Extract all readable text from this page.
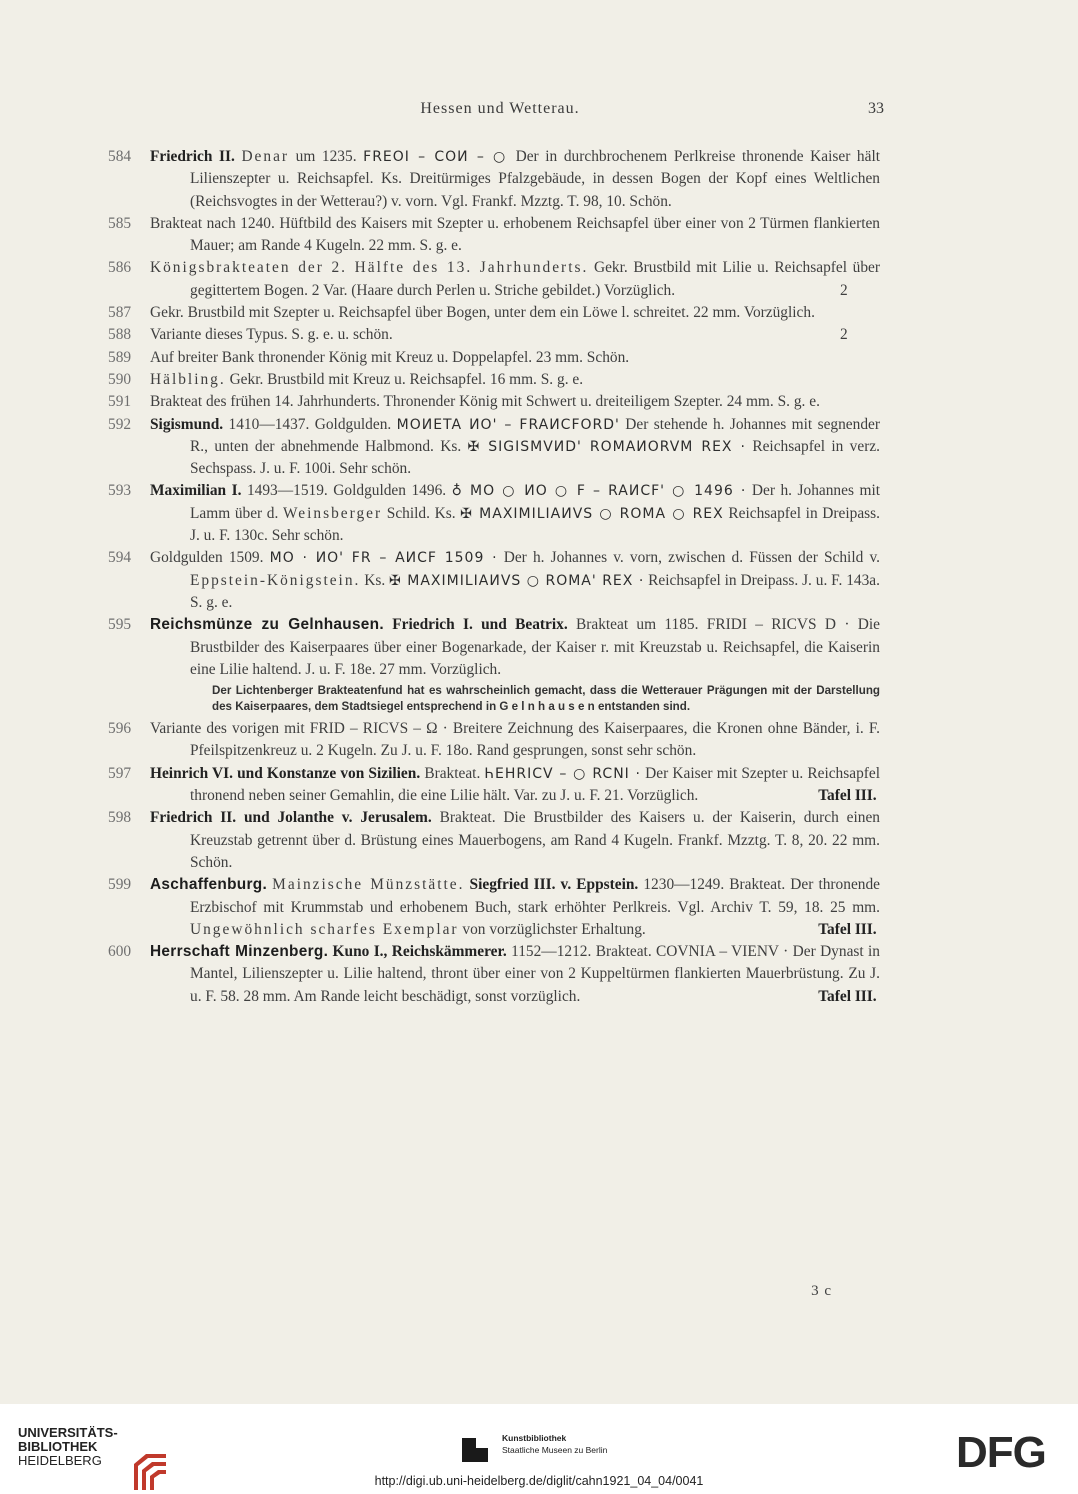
Hessen und Wetterau.	33
584	Friedrich II. Denar um 1235. FREOI – COИ – ○ Der in durchbrochenem Perlkreise thronende Kaiser hält Lilienszepter u. Reichsapfel. Ks. Dreitürmiges Pfalzgebäude, in dessen Bogen der Kopf eines Weltlichen (Reichsvogtes in der Wetterau?) v. vorn. Vgl. Frankf. Mzztg. T. 98, 10. Schön.

585	Brakteat nach 1240. Hüftbild des Kaisers mit Szepter u. erhobenem Reichsapfel über einer von 2 Türmen flankierten Mauer; am Rande 4 Kugeln. 22 mm. S. g. e.

586	Königsbrakteaten der 2. Hälfte des 13. Jahrhunderts. Gekr. Brustbild mit Lilie u. Reichsapfel über gegittertem Bogen. 2 Var. (Haare durch Perlen u. Striche gebildet.) Vorzüglich.	2

587	Gekr. Brustbild mit Szepter u. Reichsapfel über Bogen, unter dem ein Löwe l. schreitet. 22 mm. Vorzüglich.

588	Variante dieses Typus. S. g. e. u. schön.	2

589	Auf breiter Bank thronender König mit Kreuz u. Doppelapfel. 23 mm. Schön.

590	Hälbling. Gekr. Brustbild mit Kreuz u. Reichsapfel. 16 mm. S. g. e.

591	Brakteat des frühen 14. Jahrhunderts. Thronender König mit Schwert u. dreiteiligem Szepter. 24 mm. S. g. e.

592	Sigismund. 1410—1437. Goldgulden. MOИETA ИO' – FRAИCFORD' Der stehende h. Johannes mit segnender R., unten der abnehmende Halbmond. Ks. ✠ SIGISMVИD' ROMAИORVM REX · Reichsapfel in verz. Sechspass. J. u. F. 100i. Sehr schön.

593	Maximilian I. 1493—1519. Goldgulden 1496. ♁ MO ○ ИO ○ F – RAИCF' ○ 1496 · Der h. Johannes mit Lamm über d. Weinsberger Schild. Ks. ✠ MAXIMILIAИVS ○ ROMA ○ REX Reichsapfel in Dreipass. J. u. F. 130c. Sehr schön.

594	Goldgulden 1509. MO · ИO' FR – AИCF 1509 · Der h. Johannes v. vorn, zwischen d. Füssen der Schild v. Eppstein-Königstein. Ks. ✠ MAXIMILIAИVS ○ ROMA' REX · Reichsapfel in Dreipass. J. u. F. 143a. S. g. e.

595	Reichsmünze zu Gelnhausen. Friedrich I. und Beatrix. Brakteat um 1185. FRIDI – RICVS D · Die Brustbilder des Kaiserpaares über einer Bogenarkade, der Kaiser r. mit Kreuzstab u. Reichsapfel, die Kaiserin eine Lilie haltend. J. u. F. 18e. 27 mm. Vorzüglich.

Der Lichtenberger Brakteatenfund hat es wahrscheinlich gemacht, dass die Wetterauer Prägungen mit der Darstellung des Kaiserpaares, dem Stadtsiegel entsprechend in G e l n h a u s e n entstanden sind.
596	Variante des vorigen mit FRID – RICVS – Ω · Breitere Zeichnung des Kaiserpaares, die Kronen ohne Bänder, i. F. Pfeilspitzenkreuz u. 2 Kugeln. Zu J. u. F. 18o. Rand gesprungen, sonst sehr schön.

597	Heinrich VI. und Konstanze von Sizilien. Brakteat. ҺEHRICV – ○ RCNI · Der Kaiser mit Szepter u. Reichsapfel thronend neben seiner Gemahlin, die eine Lilie hält. Var. zu J. u. F. 21. Vorzüglich.	Tafel III.

598	Friedrich II. und Jolanthe v. Jerusalem. Brakteat. Die Brustbilder des Kaisers u. der Kaiserin, durch einen Kreuzstab getrennt über d. Brüstung eines Mauerbogens, am Rand 4 Kugeln. Frankf. Mzztg. T. 8, 20. 22 mm. Schön.

599	Aschaffenburg. Mainzische Münzstätte. Siegfried III. v. Eppstein. 1230—1249. Brakteat. Der thronende Erzbischof mit Krummstab und erhobenem Buch, stark erhöhter Perlkreis. Vgl. Archiv T. 59, 18. 25 mm. Ungewöhnlich scharfes Exemplar von vorzüglichster Erhaltung.	Tafel III.

600	Herrschaft Minzenberg. Kuno I., Reichskämmerer. 1152—1212. Brakteat. COVNIA – VIENV · Der Dynast in Mantel, Lilienszepter u. Lilie haltend, thront über einer von 2 Kuppeltürmen flankierten Mauerbrüstung. Zu J. u. F. 58. 28 mm. Am Rande leicht beschädigt, sonst vorzüglich.	Tafel III.

3 c
UNIVERSITÄTS-
BIBLIOTHEK
HEIDELBERG
Kunstbibliothek
Staatliche Museen zu Berlin	DFG
http://digi.ub.uni-heidelberg.de/diglit/cahn1921_04_04/0041
